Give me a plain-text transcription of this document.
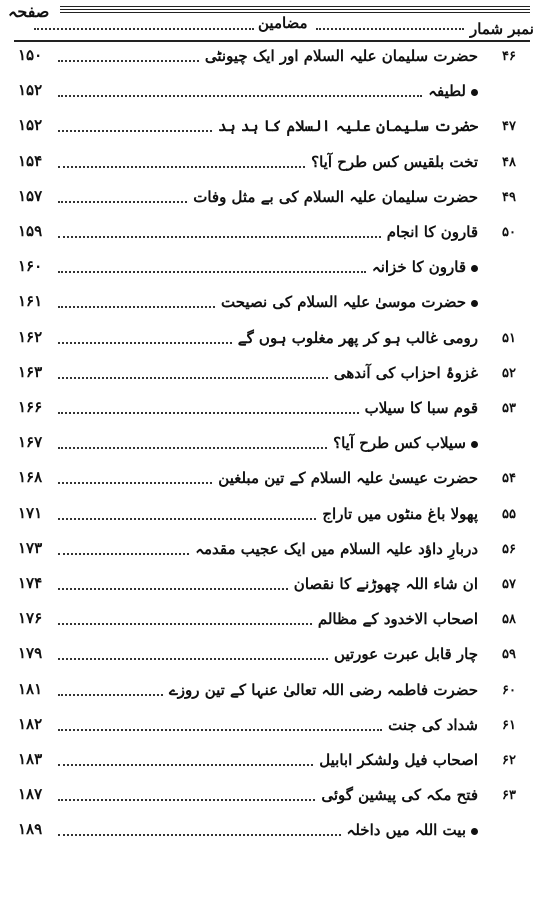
صفحہ
مضامین	نمبر شمار
۱۵۰	حضرت سلیمان علیہ السلام اور ایک چیونٹی	۴۶
۱۵۲	لطیفہ
۱۵۲	حضرت سلیمان علیہ السلام کا ہد ہد	۴۷
۱۵۴	تخت بلقیس کس طرح آیا؟	۴۸
۱۵۷	حضرت سلیمان علیہ السلام کی بے مثل وفات	۴۹
۱۵۹	قارون کا انجام	۵۰
۱۶۰	قارون کا خزانہ
۱۶۱	حضرت موسیٰ علیہ السلام کی نصیحت
۱۶۲	رومی غالب ہو کر پھر مغلوب ہوں گے	۵۱
۱۶۳	غزوۂ احزاب کی آندھی	۵۲
۱۶۶	قوم سبا کا سیلاب	۵۳
۱۶۷	سیلاب کس طرح آیا؟
۱۶۸	حضرت عیسیٰ علیہ السلام کے تین مبلغین	۵۴
۱۷۱	پھولا باغ منٹوں میں تاراج	۵۵
۱۷۳	دربارِ داؤد علیہ السلام میں ایک عجیب مقدمہ	۵۶
۱۷۴	ان شاء اللہ چھوڑنے کا نقصان	۵۷
۱۷۶	اصحاب الاخدود کے مظالم	۵۸
۱۷۹	چار قابل عبرت عورتیں	۵۹
۱۸۱	حضرت فاطمہ رضی اللہ تعالیٰ عنہا کے تین روزے	۶۰
۱۸۲	شداد کی جنت	۶۱
۱۸۳	اصحاب فیل ولشکر ابابیل	۶۲
۱۸۷	فتح مکہ کی پیشین گوئی	۶۳
۱۸۹	بیت اللہ میں داخلہ
